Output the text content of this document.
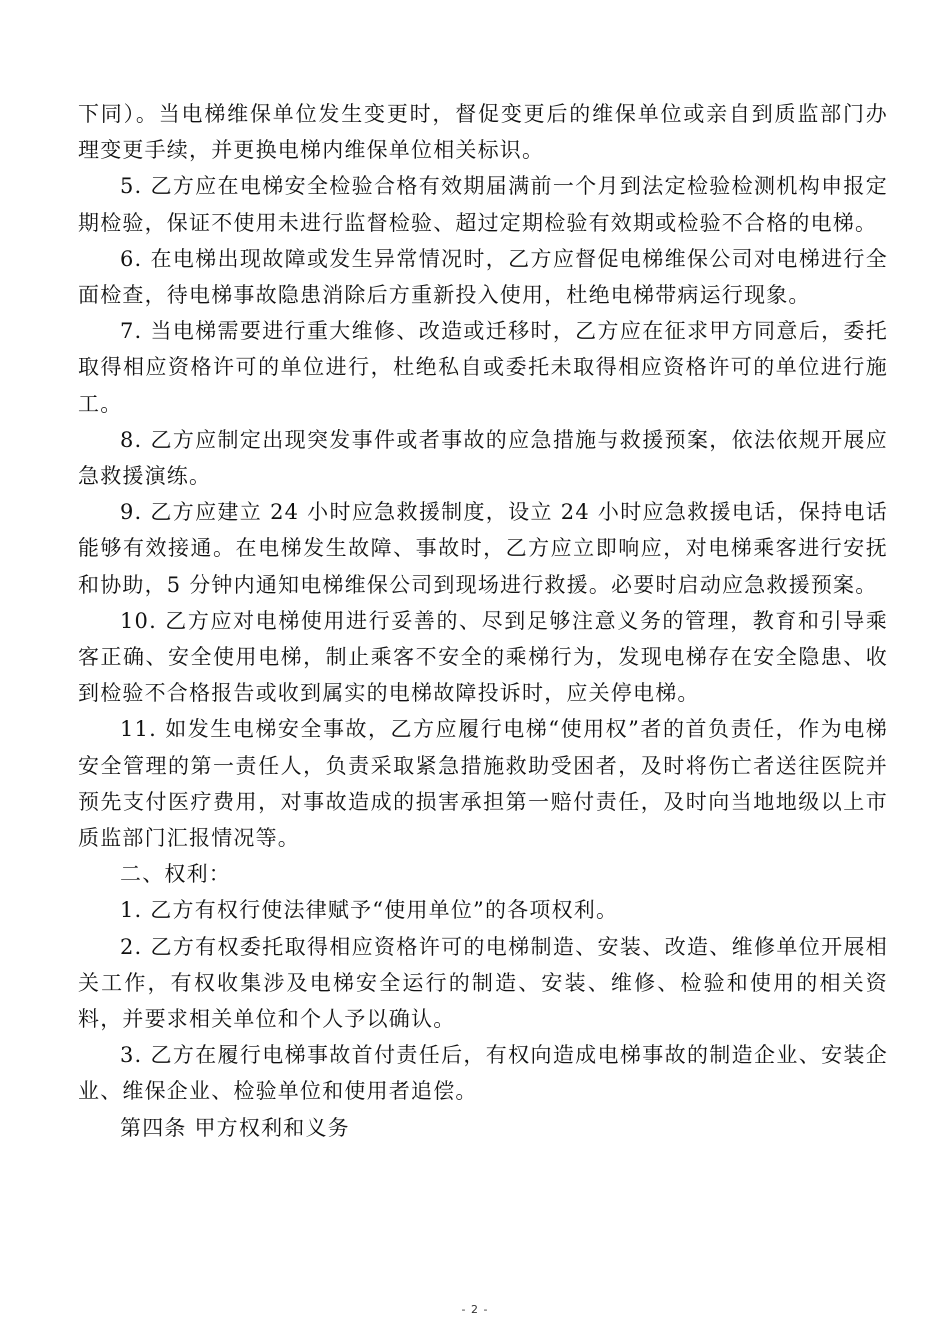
下同）。当电梯维保单位发生变更时，督促变更后的维保单位或亲自到质监部门办理变更手续，并更换电梯内维保单位相关标识。

5. 乙方应在电梯安全检验合格有效期届满前一个月到法定检验检测机构申报定期检验，保证不使用未进行监督检验、超过定期检验有效期或检验不合格的电梯。

6. 在电梯出现故障或发生异常情况时，乙方应督促电梯维保公司对电梯进行全面检查，待电梯事故隐患消除后方重新投入使用，杜绝电梯带病运行现象。

7. 当电梯需要进行重大维修、改造或迁移时，乙方应在征求甲方同意后，委托取得相应资格许可的单位进行，杜绝私自或委托未取得相应资格许可的单位进行施工。

8. 乙方应制定出现突发事件或者事故的应急措施与救援预案，依法依规开展应急救援演练。

9. 乙方应建立 24 小时应急救援制度，设立 24 小时应急救援电话，保持电话能够有效接通。在电梯发生故障、事故时，乙方应立即响应，对电梯乘客进行安抚和协助，5 分钟内通知电梯维保公司到现场进行救援。必要时启动应急救援预案。

10. 乙方应对电梯使用进行妥善的、尽到足够注意义务的管理，教育和引导乘客正确、安全使用电梯，制止乘客不安全的乘梯行为，发现电梯存在安全隐患、收到检验不合格报告或收到属实的电梯故障投诉时，应关停电梯。

11. 如发生电梯安全事故，乙方应履行电梯“使用权”者的首负责任，作为电梯安全管理的第一责任人，负责采取紧急措施救助受困者，及时将伤亡者送往医院并预先支付医疗费用，对事故造成的损害承担第一赔付责任，及时向当地地级以上市质监部门汇报情况等。

二、权利：

1. 乙方有权行使法律赋予“使用单位”的各项权利。

2. 乙方有权委托取得相应资格许可的电梯制造、安装、改造、维修单位开展相关工作，有权收集涉及电梯安全运行的制造、安装、维修、检验和使用的相关资料，并要求相关单位和个人予以确认。

3. 乙方在履行电梯事故首付责任后，有权向造成电梯事故的制造企业、安装企业、维保企业、检验单位和使用者追偿。

第四条 甲方权利和义务

- 2 -
